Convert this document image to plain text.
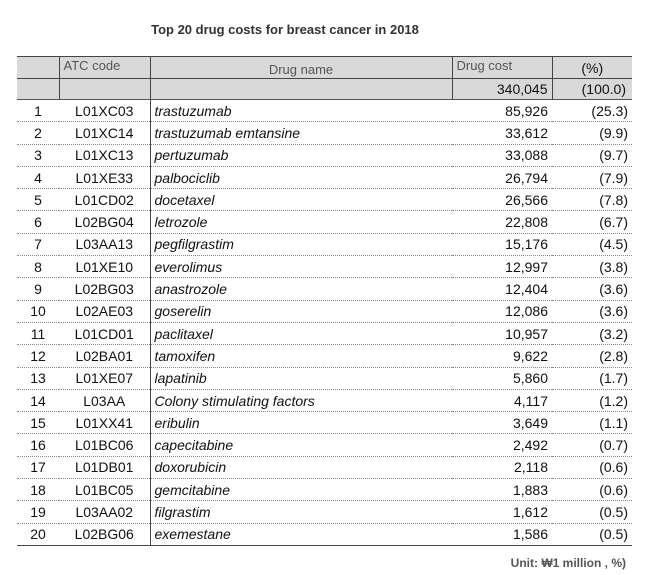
Top 20 drug costs for breast cancer in 2018
	ATC code	Drug name	Drug cost	(%)
			340,045	(100.0)
1	L01XC03	trastuzumab	85,926	(25.3)
2	L01XC14	trastuzumab emtansine	33,612	(9.9)
3	L01XC13	pertuzumab	33,088	(9.7)
4	L01XE33	palbociclib	26,794	(7.9)
5	L01CD02	docetaxel	26,566	(7.8)
6	L02BG04	letrozole	22,808	(6.7)
7	L03AA13	pegfilgrastim	15,176	(4.5)
8	L01XE10	everolimus	12,997	(3.8)
9	L02BG03	anastrozole	12,404	(3.6)
10	L02AE03	goserelin	12,086	(3.6)
11	L01CD01	paclitaxel	10,957	(3.2)
12	L02BA01	tamoxifen	9,622	(2.8)
13	L01XE07	lapatinib	5,860	(1.7)
14	L03AA	Colony stimulating factors	4,117	(1.2)
15	L01XX41	eribulin	3,649	(1.1)
16	L01BC06	capecitabine	2,492	(0.7)
17	L01DB01	doxorubicin	2,118	(0.6)
18	L01BC05	gemcitabine	1,883	(0.6)
19	L03AA02	filgrastim	1,612	(0.5)
20	L02BG06	exemestane	1,586	(0.5)
Unit: ₩1 million , %)
